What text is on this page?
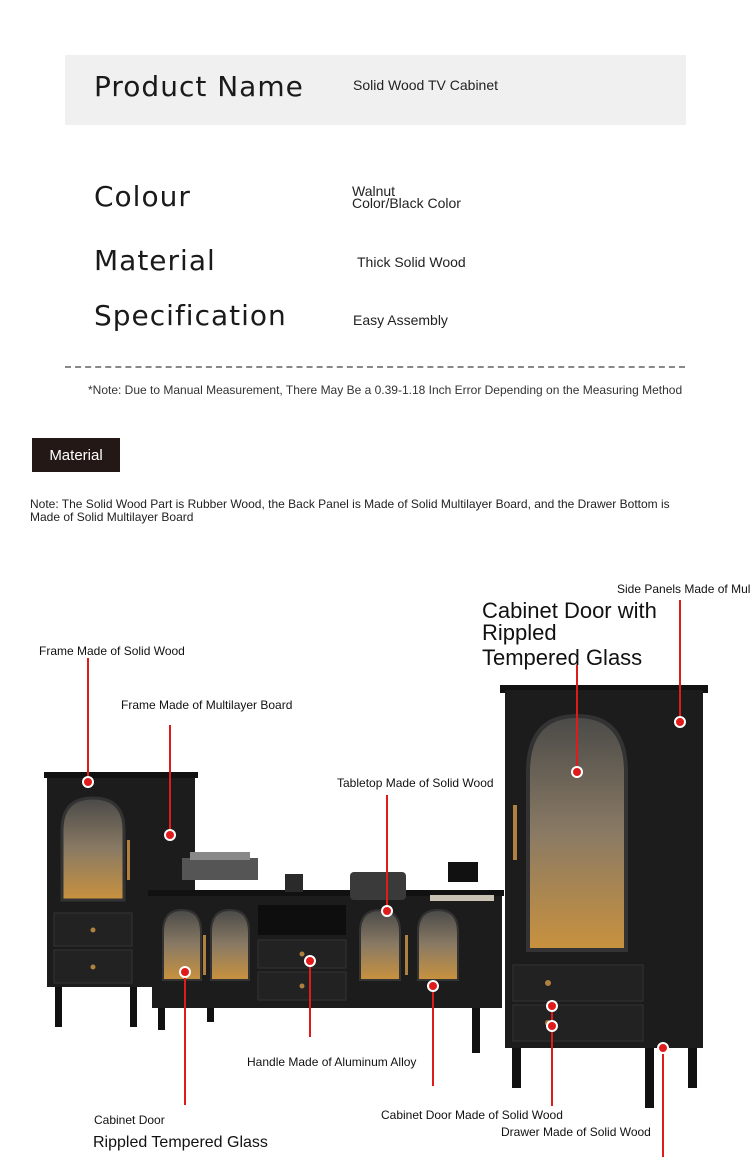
Product Name	Solid Wood TV Cabinet
Colour	Walnut
Color/Black Color
Material	Thick Solid Wood
Specification	Easy Assembly
*Note: Due to Manual Measurement, There May Be a 0.39-1.18 Inch Error Depending on the Measuring Method
Material
Note: The Solid Wood Part is Rubber Wood, the Back Panel is Made of Solid Multilayer Board, and the Drawer Bottom is Made of Solid Multilayer Board
Side Panels Made of Mul
Cabinet Door with
Rippled
Tempered Glass
Frame Made of Solid Wood
Frame Made of Multilayer Board
Tabletop Made of Solid Wood
Handle Made of Aluminum Alloy
Cabinet Door
Rippled Tempered Glass
Cabinet Door Made of Solid Wood
Drawer Made of Solid Wood
